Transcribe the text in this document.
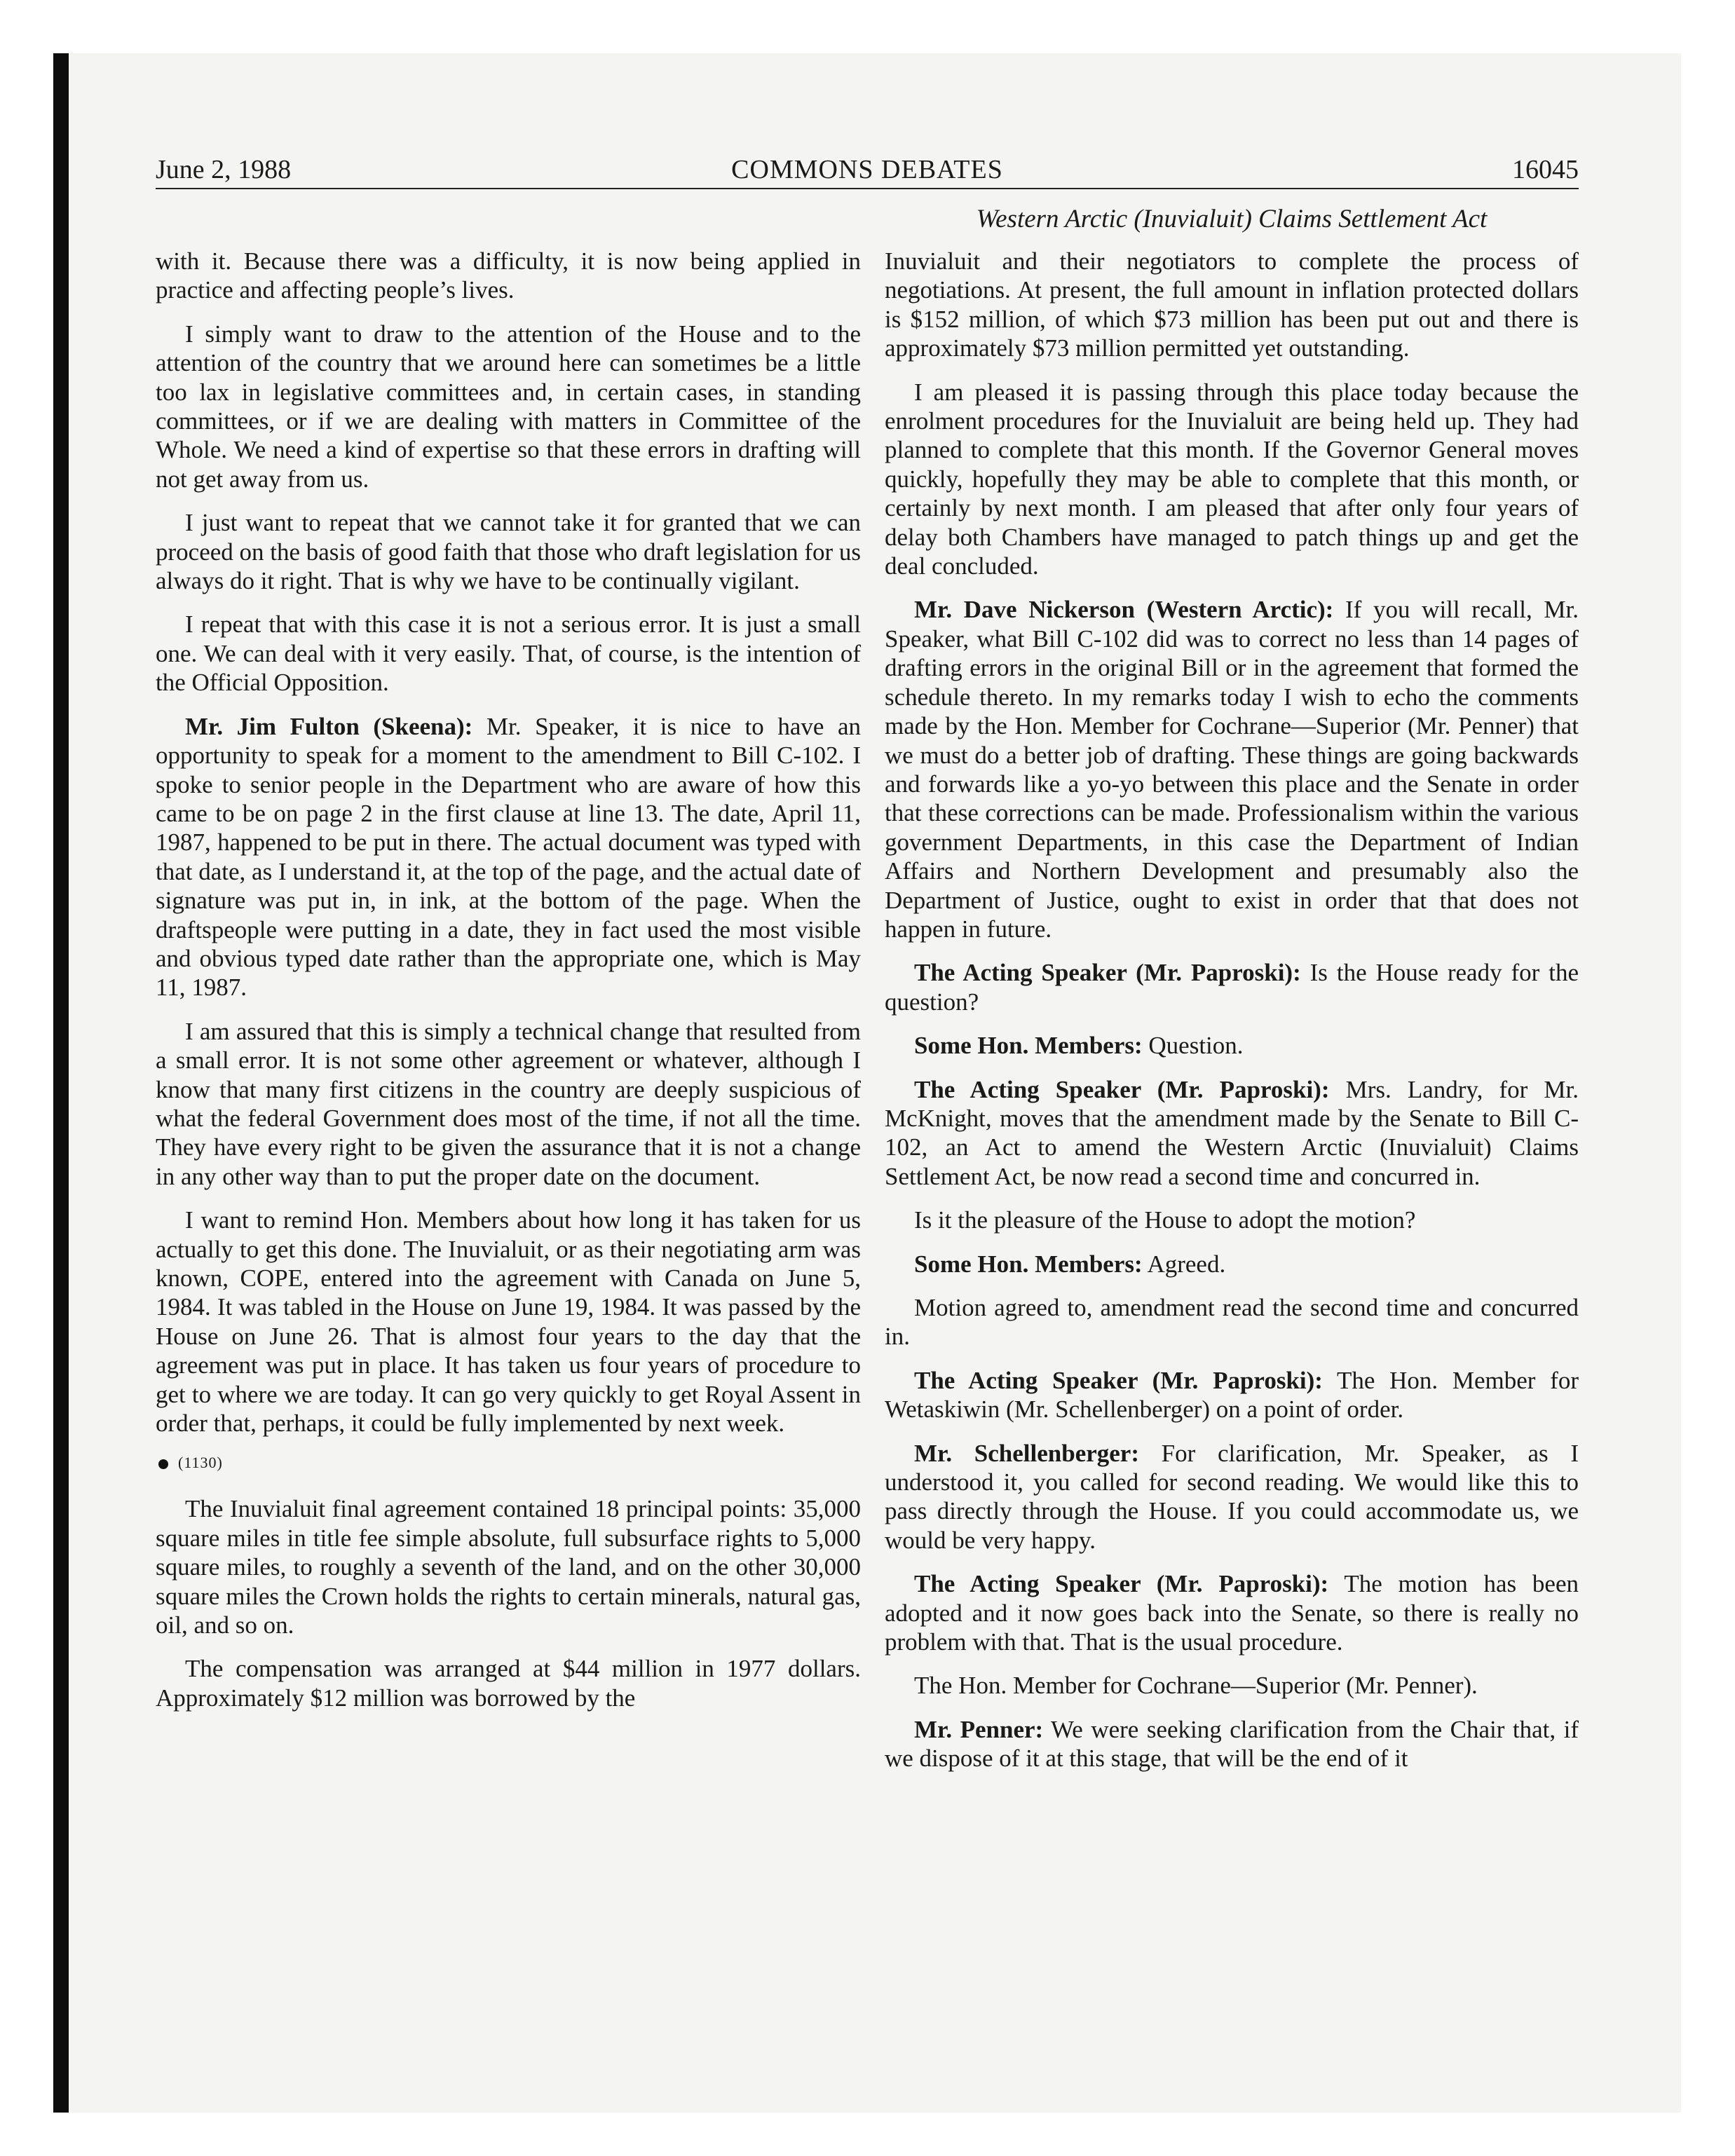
June 2, 1988	COMMONS DEBATES	16045
Western Arctic (Inuvialuit) Claims Settlement Act

with it. Because there was a difficulty, it is now being applied in practice and affecting people’s lives.

I simply want to draw to the attention of the House and to the attention of the country that we around here can sometimes be a little too lax in legislative committees and, in certain cases, in standing committees, or if we are dealing with matters in Committee of the Whole. We need a kind of expertise so that these errors in drafting will not get away from us.

I just want to repeat that we cannot take it for granted that we can proceed on the basis of good faith that those who draft legislation for us always do it right. That is why we have to be continually vigilant.

I repeat that with this case it is not a serious error. It is just a small one. We can deal with it very easily. That, of course, is the intention of the Official Opposition.

Mr. Jim Fulton (Skeena): Mr. Speaker, it is nice to have an opportunity to speak for a moment to the amendment to Bill C-102. I spoke to senior people in the Department who are aware of how this came to be on page 2 in the first clause at line 13. The date, April 11, 1987, happened to be put in there. The actual document was typed with that date, as I understand it, at the top of the page, and the actual date of signature was put in, in ink, at the bottom of the page. When the draftspeople were putting in a date, they in fact used the most visible and obvious typed date rather than the appropriate one, which is May 11, 1987.

I am assured that this is simply a technical change that resulted from a small error. It is not some other agreement or whatever, although I know that many first citizens in the country are deeply suspicious of what the federal Government does most of the time, if not all the time. They have every right to be given the assurance that it is not a change in any other way than to put the proper date on the document.

I want to remind Hon. Members about how long it has taken for us actually to get this done. The Inuvialuit, or as their negotiating arm was known, COPE, entered into the agreement with Canada on June 5, 1984. It was tabled in the House on June 19, 1984. It was passed by the House on June 26. That is almost four years to the day that the agreement was put in place. It has taken us four years of procedure to get to where we are today. It can go very quickly to get Royal Assent in order that, perhaps, it could be fully implemented by next week.

(1130)

The Inuvialuit final agreement contained 18 principal points: 35,000 square miles in title fee simple absolute, full subsurface rights to 5,000 square miles, to roughly a seventh of the land, and on the other 30,000 square miles the Crown holds the rights to certain minerals, natural gas, oil, and so on.

The compensation was arranged at $44 million in 1977 dollars. Approximately $12 million was borrowed by the

Inuvialuit and their negotiators to complete the process of negotiations. At present, the full amount in inflation protected dollars is $152 million, of which $73 million has been put out and there is approximately $73 million permitted yet outstanding.

I am pleased it is passing through this place today because the enrolment procedures for the Inuvialuit are being held up. They had planned to complete that this month. If the Governor General moves quickly, hopefully they may be able to complete that this month, or certainly by next month. I am pleased that after only four years of delay both Chambers have managed to patch things up and get the deal concluded.

Mr. Dave Nickerson (Western Arctic): If you will recall, Mr. Speaker, what Bill C-102 did was to correct no less than 14 pages of drafting errors in the original Bill or in the agreement that formed the schedule thereto. In my remarks today I wish to echo the comments made by the Hon. Member for Cochrane—Superior (Mr. Penner) that we must do a better job of drafting. These things are going backwards and forwards like a yo-yo between this place and the Senate in order that these corrections can be made. Professionalism within the various government Departments, in this case the Department of Indian Affairs and Northern Development and presumably also the Department of Justice, ought to exist in order that that does not happen in future.

The Acting Speaker (Mr. Paproski): Is the House ready for the question?

Some Hon. Members: Question.

The Acting Speaker (Mr. Paproski): Mrs. Landry, for Mr. McKnight, moves that the amendment made by the Senate to Bill C-102, an Act to amend the Western Arctic (Inuvialuit) Claims Settlement Act, be now read a second time and concurred in.

Is it the pleasure of the House to adopt the motion?

Some Hon. Members: Agreed.

Motion agreed to, amendment read the second time and concurred in.

The Acting Speaker (Mr. Paproski): The Hon. Member for Wetaskiwin (Mr. Schellenberger) on a point of order.

Mr. Schellenberger: For clarification, Mr. Speaker, as I understood it, you called for second reading. We would like this to pass directly through the House. If you could accommodate us, we would be very happy.

The Acting Speaker (Mr. Paproski): The motion has been adopted and it now goes back into the Senate, so there is really no problem with that. That is the usual procedure.

The Hon. Member for Cochrane—Superior (Mr. Penner).

Mr. Penner: We were seeking clarification from the Chair that, if we dispose of it at this stage, that will be the end of it
